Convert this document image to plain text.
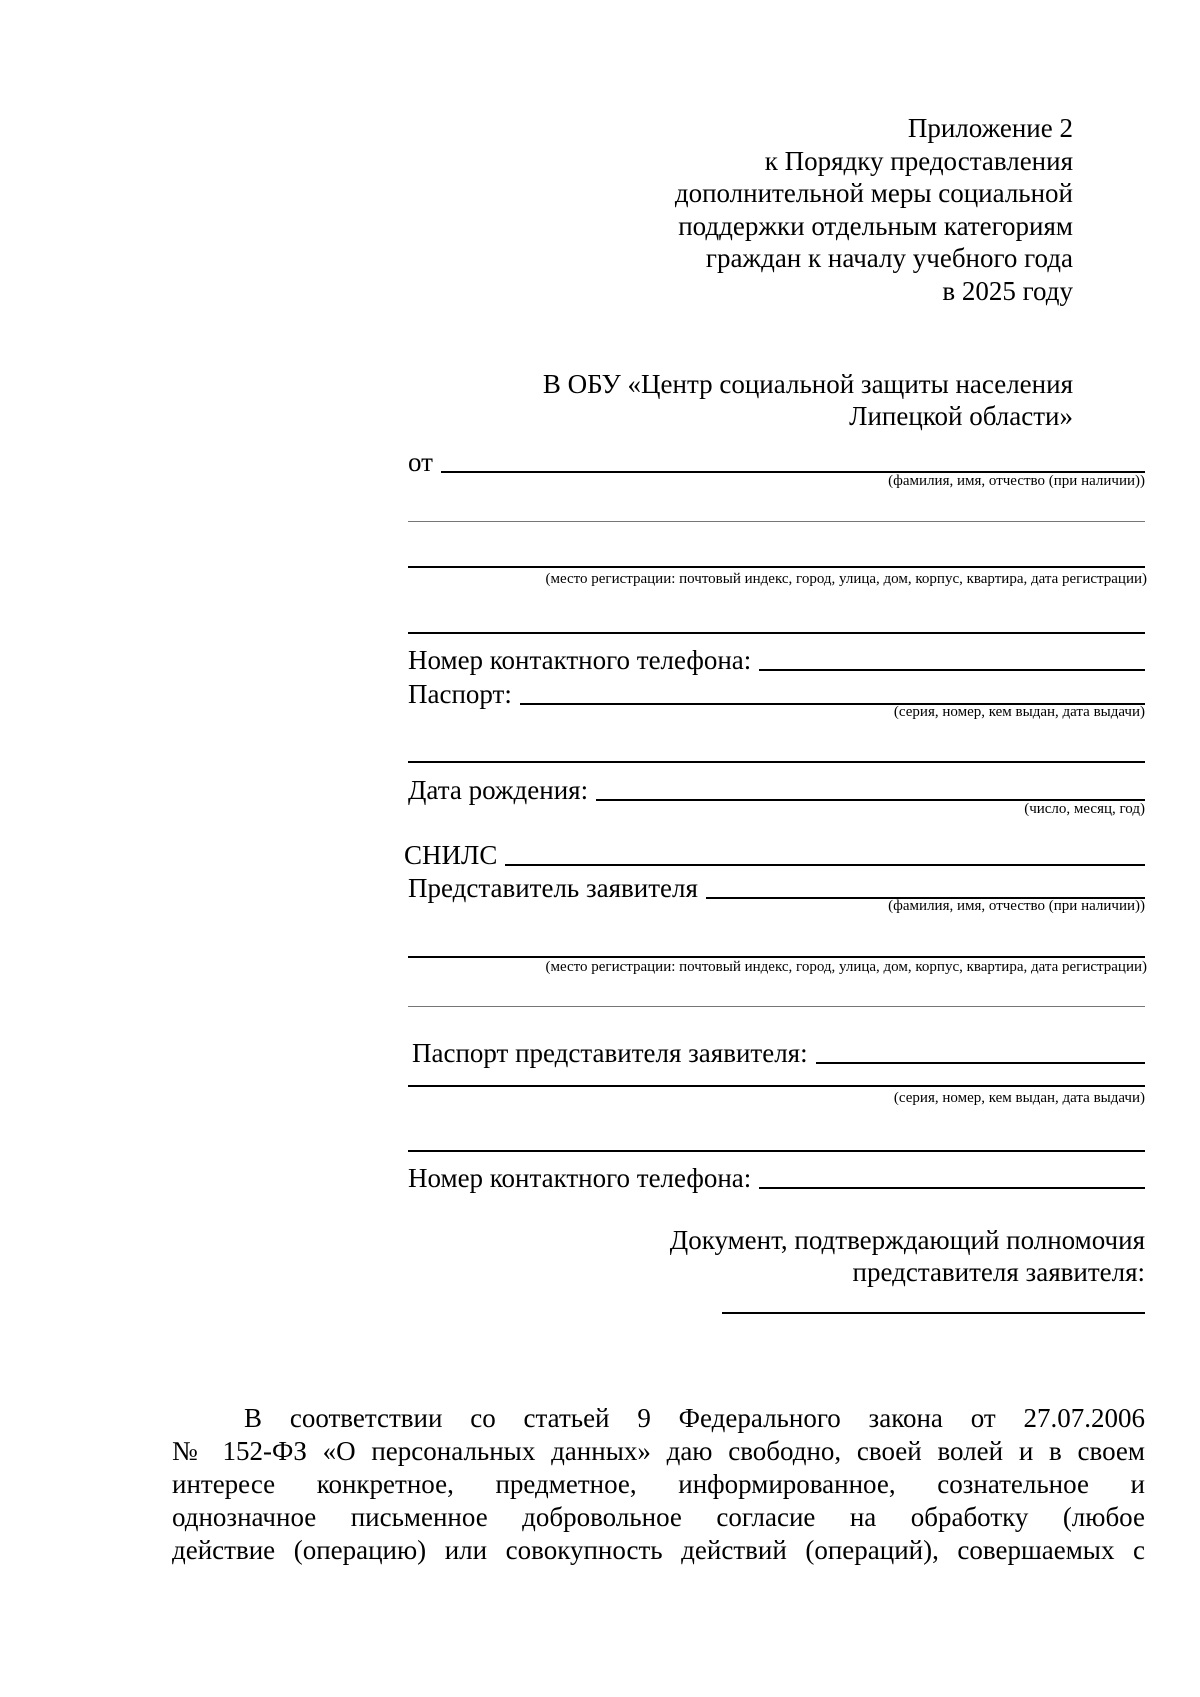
Приложение 2
к Порядку предоставления
дополнительной меры социальной
поддержки отдельным категориям
граждан к началу учебного года
в 2025 году
В ОБУ «Центр социальной защиты населения
Липецкой области»
от
(фамилия, имя, отчество (при наличии))
(место регистрации: почтовый индекс, город, улица, дом, корпус, квартира, дата регистрации)
Номер контактного телефона:
Паспорт:
(серия, номер, кем выдан, дата выдачи)
Дата рождения:
(число, месяц, год)
СНИЛС
Представитель заявителя
(фамилия, имя, отчество (при наличии))
(место регистрации: почтовый индекс, город, улица, дом, корпус, квартира, дата регистрации)
Паспорт представителя заявителя:
(серия, номер, кем выдан, дата выдачи)
Номер контактного телефона:
Документ, подтверждающий полномочия
представителя заявителя:
В соответствии со статьей 9 Федерального закона от 27.07.2006
№ 152-ФЗ «О персональных данных» даю свободно, своей волей и в своем
интересе конкретное, предметное, информированное, сознательное и
однозначное письменное добровольное согласие на обработку (любое
действие (операцию) или совокупность действий (операций), совершаемых с
